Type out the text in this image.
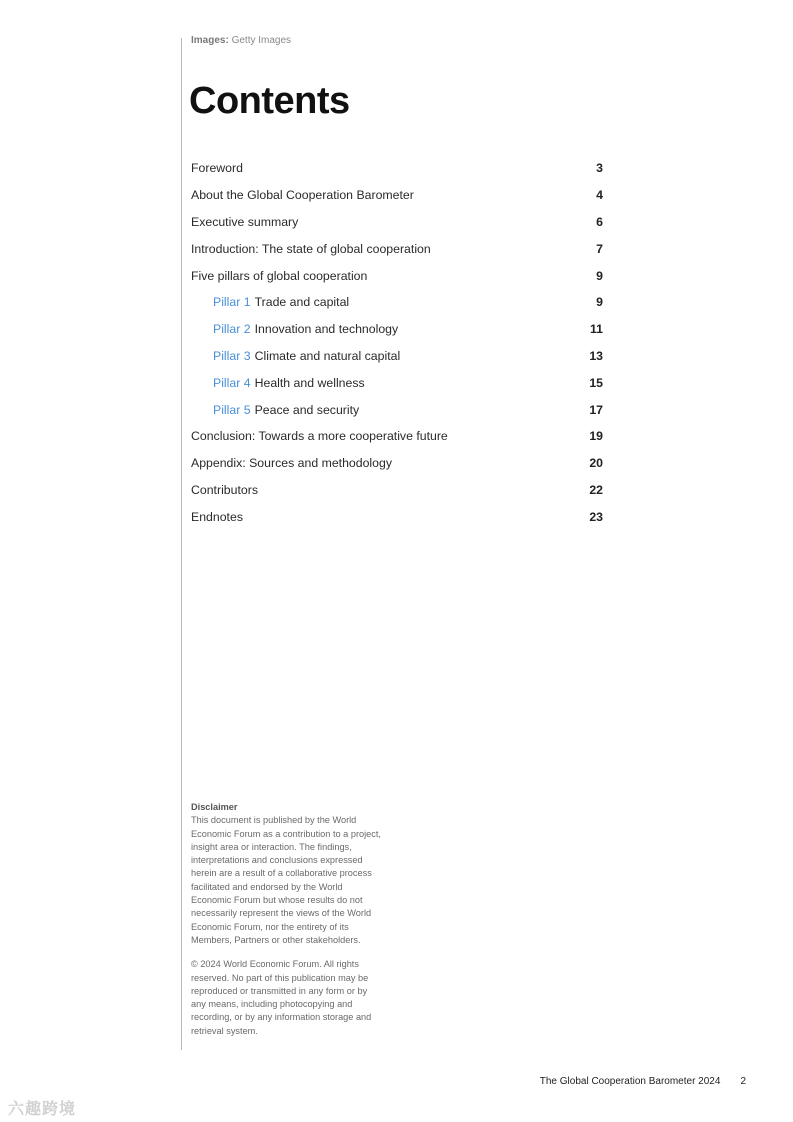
Images: Getty Images
Contents
Foreword	3
About the Global Cooperation Barometer	4
Executive summary	6
Introduction: The state of global cooperation	7
Five pillars of global cooperation	9
Pillar 1 Trade and capital	9
Pillar 2 Innovation and technology	11
Pillar 3 Climate and natural capital	13
Pillar 4 Health and wellness	15
Pillar 5 Peace and security	17
Conclusion: Towards a more cooperative future	19
Appendix: Sources and methodology	20
Contributors	22
Endnotes	23
Disclaimer

This document is published by the World Economic Forum as a contribution to a project, insight area or interaction. The findings, interpretations and conclusions expressed herein are a result of a collaborative process facilitated and endorsed by the World Economic Forum but whose results do not necessarily represent the views of the World Economic Forum, nor the entirety of its Members, Partners or other stakeholders.

© 2024 World Economic Forum. All rights reserved. No part of this publication may be reproduced or transmitted in any form or by any means, including photocopying and recording, or by any information storage and retrieval system.

The Global Cooperation Barometer 2024 2
六趣跨境
